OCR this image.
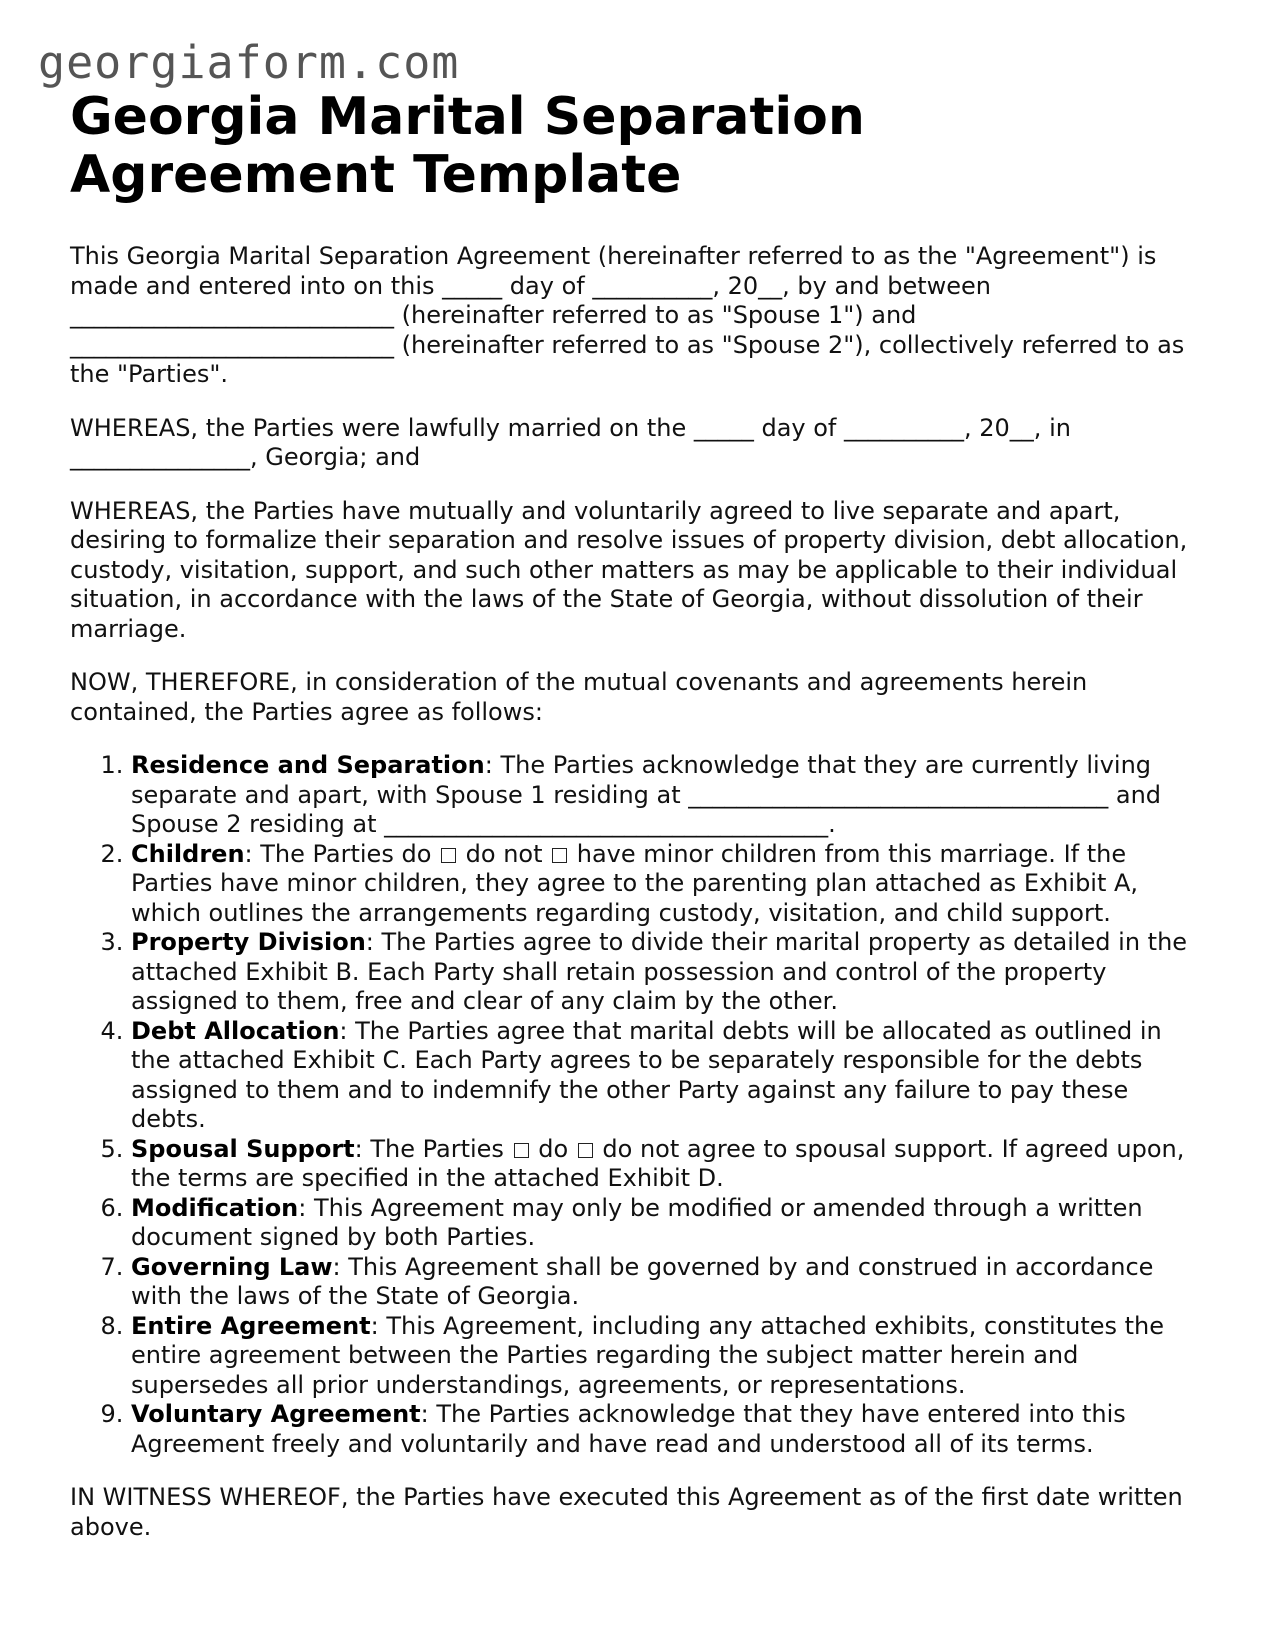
georgiaform.com
Georgia Marital Separation Agreement Template

This Georgia Marital Separation Agreement (hereinafter referred to as the "Agreement") is made and entered into on this _____ day of __________, 20__, by and between ___________________________ (hereinafter referred to as "Spouse 1") and ___________________________ (hereinafter referred to as "Spouse 2"), collectively referred to as the "Parties".

WHEREAS, the Parties were lawfully married on the _____ day of __________, 20__, in _______________, Georgia; and

WHEREAS, the Parties have mutually and voluntarily agreed to live separate and apart, desiring to formalize their separation and resolve issues of property division, debt allocation, custody, visitation, support, and such other matters as may be applicable to their individual situation, in accordance with the laws of the State of Georgia, without dissolution of their marriage.

NOW, THEREFORE, in consideration of the mutual covenants and agreements herein contained, the Parties agree as follows:

1. Residence and Separation: The Parties acknowledge that they are currently living separate and apart, with Spouse 1 residing at ___________________________________ and Spouse 2 residing at _____________________________________.
2. Children: The Parties do  do not  have minor children from this marriage. If the Parties have minor children, they agree to the parenting plan attached as Exhibit A, which outlines the arrangements regarding custody, visitation, and child support.
3. Property Division: The Parties agree to divide their marital property as detailed in the attached Exhibit B. Each Party shall retain possession and control of the property assigned to them, free and clear of any claim by the other.
4. Debt Allocation: The Parties agree that marital debts will be allocated as outlined in the attached Exhibit C. Each Party agrees to be separately responsible for the debts assigned to them and to indemnify the other Party against any failure to pay these debts.
5. Spousal Support: The Parties  do  do not agree to spousal support. If agreed upon, the terms are specified in the attached Exhibit D.
6. Modification: This Agreement may only be modified or amended through a written document signed by both Parties.
7. Governing Law: This Agreement shall be governed by and construed in accordance with the laws of the State of Georgia.
8. Entire Agreement: This Agreement, including any attached exhibits, constitutes the entire agreement between the Parties regarding the subject matter herein and supersedes all prior understandings, agreements, or representations.
9. Voluntary Agreement: The Parties acknowledge that they have entered into this Agreement freely and voluntarily and have read and understood all of its terms.

IN WITNESS WHEREOF, the Parties have executed this Agreement as of the first date written above.
